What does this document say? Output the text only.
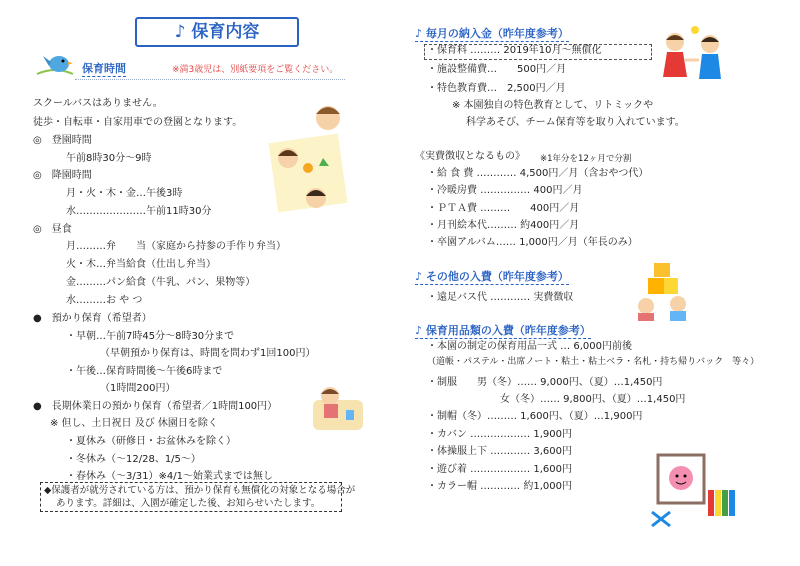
♪ 保育内容
保育時間	※満3歳児は、別紙要項をご覧ください。
スクールバスはありません。
徒歩・自転車・自家用車での登園となります。
◎　登園時間
午前8時30分～9時
◎　降園時間
月・火・木・金…午後3時
水…………………午前11時30分
◎　昼食
月………弁　　当（家庭から持参の手作り弁当）
火・木…弁当給食（仕出し弁当）
金………パン給食（牛乳、パン、果物等）
水………お や つ
●　預かり保育（希望者）
・早朝…午前7時45分～8時30分まで
（早朝預かり保育は、時間を問わず1回100円）
・午後…保育時間後～午後6時まで
（1時間200円）
●　長期休業日の預かり保育（希望者／1時間100円）
※ 但し、土日祝日 及び 休園日を除く
・夏休み（研修日・お盆休みを除く）
・冬休み（～12/28、1/5～）
・春休み（～3/31）※4/1～始業式までは無し
◆保護者が就労されている方は、預かり保育も無償化の対象となる場合が
あります。詳細は、入園が確定した後、お知らせいたします。
♪ 毎月の納入金（昨年度参考）
・保育料 ……… 2019年10月～無償化
・施設整備費…　　500円／月
・特色教育費…　2,500円／月
※ 本園独自の特色教育として、リトミックや
科学あそび、チーム保育等を取り入れています。
《実費徴収となるもの》 ※1年分を12ヶ月で分割
・給 食 費 ………… 4,500円／月（含おやつ代）
・冷暖房費 …………… 400円／月
・ＰＴＡ費 ………　　400円／月
・月刊絵本代……… 約400円／月
・卒園アルバム…… 1,000円／月（年長のみ）
♪ その他の入費（昨年度参考）
・遠足バス代 ………… 実費徴収
♪ 保育用品類の入費（昨年度参考）
・本園の制定の保育用品一式 … 6,000円前後
（道帳・パステル・出席ノート・粘土・粘土ベラ・名札・持ち帰りバック　等々）
・制服　　男（冬）…… 9,000円、（夏）…1,450円
女（冬）…… 9,800円、（夏）…1,450円
・制帽（冬）……… 1,600円、（夏）…1,900円
・カバン ……………… 1,900円
・体操服上下 ………… 3,600円
・遊び着 ……………… 1,600円
・カラー帽 ………… 約1,000円
